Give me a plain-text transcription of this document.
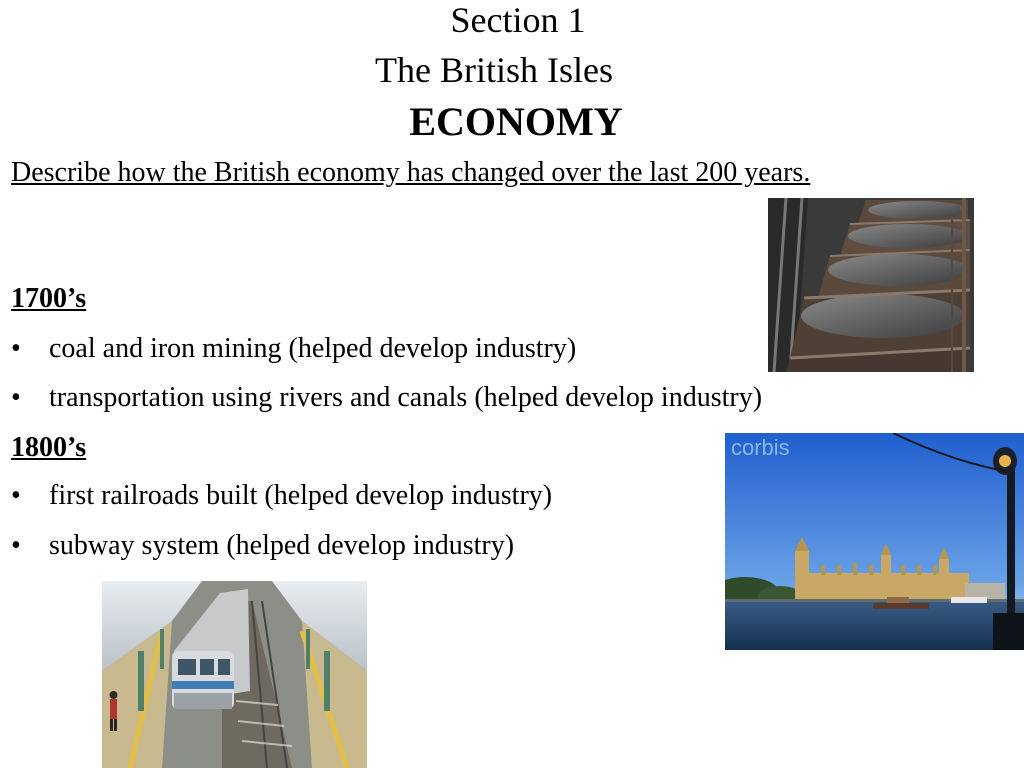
Section 1
The British Isles
ECONOMY
Describe how the British economy has changed over the last 200 years.
1700’s
• coal and iron mining (helped develop industry)
• transportation using rivers and canals (helped develop industry)
1800’s
• first railroads built (helped develop industry)
• subway system (helped develop industry)
corbis
